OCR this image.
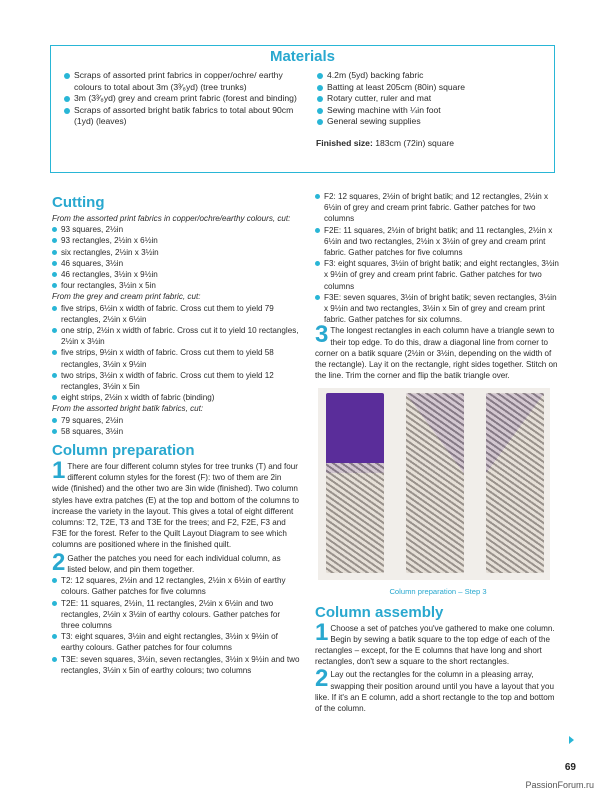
Materials
Scraps of assorted print fabrics in copper/ochre/ earthy colours to total about 3m (3³⁄₈yd) (tree trunks)
3m (3³⁄₈yd) grey and cream print fabric (forest and binding)
Scraps of assorted bright batik fabrics to total about 90cm (1yd) (leaves)
4.2m (5yd) backing fabric
Batting at least 205cm (80in) square
Rotary cutter, ruler and mat
Sewing machine with ¼in foot
General sewing supplies
Finished size: 183cm (72in) square
Cutting
From the assorted print fabrics in copper/ochre/earthy colours, cut:
93 squares, 2½in
93 rectangles, 2½in x 6½in
six rectangles, 2½in x 3½in
46 squares, 3½in
46 rectangles, 3½in x 9½in
four rectangles, 3½in x 5in
From the grey and cream print fabric, cut:
five strips, 6½in x width of fabric. Cross cut them to yield 79 rectangles, 2½in x 6½in
one strip, 2½in x width of fabric. Cross cut it to yield 10 rectangles, 2½in x 3½in
five strips, 9½in x width of fabric. Cross cut them to yield 58 rectangles, 3½in x 9½in
two strips, 3½in x width of fabric. Cross cut them to yield 12 rectangles, 3½in x 5in
eight strips, 2½in x width of fabric (binding)
From the assorted bright batik fabrics, cut:
79 squares, 2½in
58 squares, 3½in
Column preparation
1 There are four different column styles for tree trunks (T) and four different column styles for the forest (F): two of them are 2in wide (finished) and the other two are 3in wide (finished). Two column styles have extra patches (E) at the top and bottom of the columns to increase the variety in the layout. This gives a total of eight different columns: T2, T2E, T3 and T3E for the trees; and F2, F2E, F3 and F3E for the forest. Refer to the Quilt Layout Diagram to see which columns are positioned where in the finished quilt.
2 Gather the patches you need for each individual column, as listed below, and pin them together.
T2: 12 squares, 2½in and 12 rectangles, 2½in x 6½in of earthy colours. Gather patches for five columns
T2E: 11 squares, 2½in, 11 rectangles, 2½in x 6½in and two rectangles, 2½in x 3½in of earthy colours. Gather patches for three columns
T3: eight squares, 3½in and eight rectangles, 3½in x 9½in of earthy colours. Gather patches for four columns
T3E: seven squares, 3½in, seven rectangles, 3½in x 9½in and two rectangles, 3½in x 5in of earthy colours; two columns
F2: 12 squares, 2½in of bright batik; and 12 rectangles, 2½in x 6½in of grey and cream print fabric. Gather patches for two columns
F2E: 11 squares, 2½in of bright batik; and 11 rectangles, 2½in x 6½in and two rectangles, 2½in x 3½in of grey and cream print fabric. Gather patches for five columns
F3: eight squares, 3½in of bright batik; and eight rectangles, 3½in x 9½in of grey and cream print fabric. Gather patches for two columns
F3E: seven squares, 3½in of bright batik; seven rectangles, 3½in x 9½in and two rectangles, 3½in x 5in of grey and cream print fabric. Gather patches for six columns.
3 The longest rectangles in each column have a triangle sewn to their top edge. To do this, draw a diagonal line from corner to corner on a batik square (2½in or 3½in, depending on the width of the rectangle). Lay it on the rectangle, right sides together. Stitch on the line. Trim the corner and flip the batik triangle over.
Column preparation – Step 3
Column assembly
1 Choose a set of patches you've gathered to make one column. Begin by sewing a batik square to the top edge of each of the rectangles – except, for the E columns that have long and short rectangles, don't sew a square to the short rectangles.
2 Lay out the rectangles for the column in a pleasing array, swapping their position around until you have a layout that you like. If it's an E column, add a short rectangle to the top and bottom of the column.
69
PassionForum.ru
